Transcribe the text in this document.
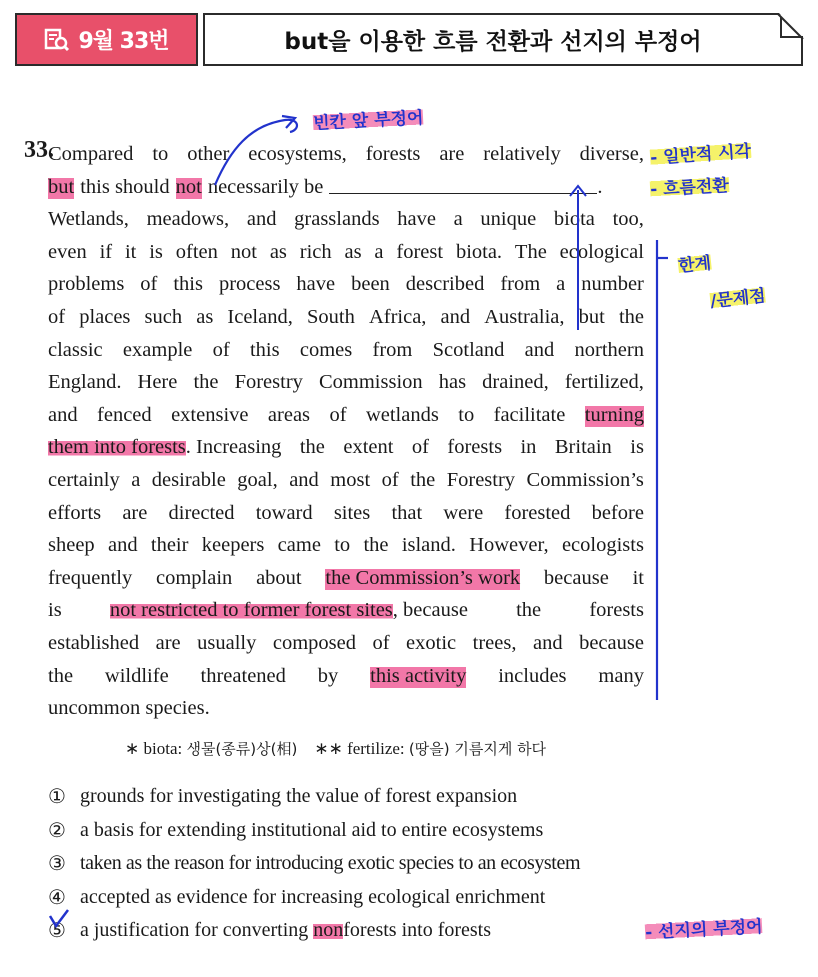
9월 33번	but을 이용한 흐름 전환과 선지의 부정어
33.
Compared to other ecosystems, forests are relatively diverse,
but this should not necessarily be	.
Wetlands, meadows, and grasslands have a unique biota too,
even if it is often not as rich as a forest biota. The ecological
problems of this process have been described from a number
of places such as Iceland, South Africa, and Australia, but the
classic example of this comes from Scotland and northern
England. Here the Forestry Commission has drained, fertilized,
and fenced extensive areas of wetlands to facilitate turning
them into forests. Increasing the extent of forests in Britain is
certainly a desirable goal, and most of the Forestry Commission’s
efforts are directed toward sites that were forested before
sheep and their keepers came to the island. However, ecologists
frequently complain about the Commission’s work because it
is not restricted to former forest sites, because the forests
established are usually composed of exotic trees, and because
the wildlife threatened by this activity includes many
uncommon species.
∗ biota: 생물(종류)상(相) ∗∗ fertilize: (땅을) 기름지게 하다
① grounds for investigating the value of forest expansion
② a basis for extending institutional aid to entire ecosystems
③ taken as the reason for introducing exotic species to an ecosystem
④ accepted as evidence for increasing ecological enrichment
⑤ a justification for converting
non forests into forests
빈칸 앞 부정어
- 일반적 시각
- 흐름전환
한계
/문제점
- 선지의 부정어
